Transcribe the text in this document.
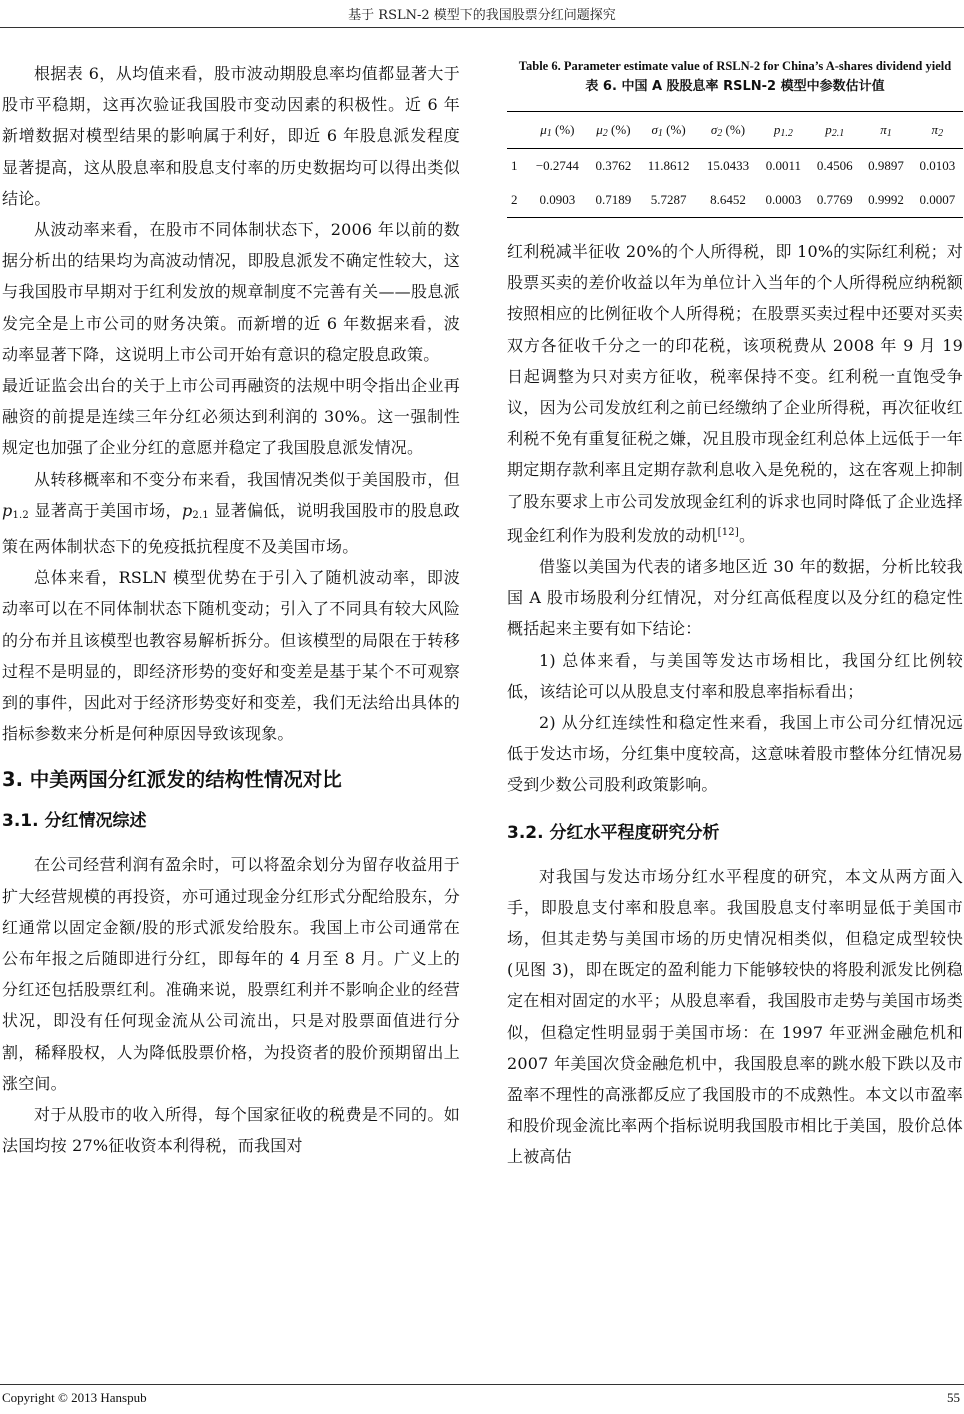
基于 RSLN-2 模型下的我国股票分红问题探究

根据表 6，从均值来看，股市波动期股息率均值都显著大于股市平稳期，这再次验证我国股市变动因素的积极性。近 6 年新增数据对模型结果的影响属于利好，即近 6 年股息派发程度显著提高，这从股息率和股息支付率的历史数据均可以得出类似结论。

从波动率来看，在股市不同体制状态下，2006 年以前的数据分析出的结果均为高波动情况，即股息派发不确定性较大，这与我国股市早期对于红利发放的规章制度不完善有关——股息派发完全是上市公司的财务决策。而新增的近 6 年数据来看，波动率显著下降，这说明上市公司开始有意识的稳定股息政策。

最近证监会出台的关于上市公司再融资的法规中明令指出企业再融资的前提是连续三年分红必须达到利润的 30%。这一强制性规定也加强了企业分红的意愿并稳定了我国股息派发情况。

从转移概率和不变分布来看，我国情况类似于美国股市，但 $p_{1.2}$ 显著高于美国市场，$p_{2.1}$ 显著偏低，说明我国股市的股息政策在两体制状态下的免疫抵抗程度不及美国市场。

总体来看，RSLN 模型优势在于引入了随机波动率，即波动率可以在不同体制状态下随机变动；引入了不同具有较大风险的分布并且该模型也教容易解析拆分。但该模型的局限在于转移过程不是明显的，即经济形势的变好和变差是基于某个不可观察到的事件，因此对于经济形势变好和变差，我们无法给出具体的指标参数来分析是何种原因导致该现象。

3. 中美两国分红派发的结构性情况对比
3.1. 分红情况综述

在公司经营利润有盈余时，可以将盈余划分为留存收益用于扩大经营规模的再投资，亦可通过现金分红形式分配给股东，分红通常以固定金额/股的形式派发给股东。我国上市公司通常在公布年报之后随即进行分红，即每年的 4 月至 8 月。广义上的分红还包括股票红利。准确来说，股票红利并不影响企业的经营状况，即没有任何现金流从公司流出，只是对股票面值进行分割，稀释股权，人为降低股票价格，为投资者的股价预期留出上涨空间。

对于从股市的收入所得，每个国家征收的税费是不同的。如法国均按 27%征收资本利得税，而我国对

Table 6. Parameter estimate value of RSLN-2 for China’s A-shares dividend yield

表 6. 中国 A 股股息率 RSLN-2 模型中参数估计值

	$\mu_1$ (%)	$\mu_2$ (%)	$\sigma_1$ (%)	$\sigma_2$ (%)	$p_{1.2}$	$p_{2.1}$	$\pi_1$	$\pi_2$
1	−0.2744	0.3762	11.8612	15.0433	0.0011	0.4506	0.9897	0.0103
2	0.0903	0.7189	5.7287	8.6452	0.0003	0.7769	0.9992	0.0007

红利税减半征收 20%的个人所得税，即 10%的实际红利税；对股票买卖的差价收益以年为单位计入当年的个人所得税应纳税额按照相应的比例征收个人所得税；在股票买卖过程中还要对买卖双方各征收千分之一的印花税，该项税费从 2008 年 9 月 19 日起调整为只对卖方征收，税率保持不变。红利税一直饱受争议，因为公司发放红利之前已经缴纳了企业所得税，再次征收红利税不免有重复征税之嫌，况且股市现金红利总体上远低于一年期定期存款利率且定期存款利息收入是免税的，这在客观上抑制了股东要求上市公司发放现金红利的诉求也同时降低了企业选择现金红利作为股利发放的动机[12]。

借鉴以美国为代表的诸多地区近 30 年的数据，分析比较我国 A 股市场股利分红情况，对分红高低程度以及分红的稳定性概括起来主要有如下结论：

1) 总体来看，与美国等发达市场相比，我国分红比例较低，该结论可以从股息支付率和股息率指标看出；

2) 从分红连续性和稳定性来看，我国上市公司分红情况远低于发达市场，分红集中度较高，这意味着股市整体分红情况易受到少数公司股利政策影响。

3.2. 分红水平程度研究分析

对我国与发达市场分红水平程度的研究，本文从两方面入手，即股息支付率和股息率。我国股息支付率明显低于美国市场，但其走势与美国市场的历史情况相类似，但稳定成型较快(见图 3)，即在既定的盈利能力下能够较快的将股利派发比例稳定在相对固定的水平；从股息率看，我国股市走势与美国市场类似，但稳定性明显弱于美国市场：在 1997 年亚洲金融危机和 2007 年美国次贷金融危机中，我国股息率的跳水般下跌以及市盈率不理性的高涨都反应了我国股市的不成熟性。本文以市盈率和股价现金流比率两个指标说明我国股市相比于美国，股价总体上被高估

Copyright © 2013 Hanspub	55
